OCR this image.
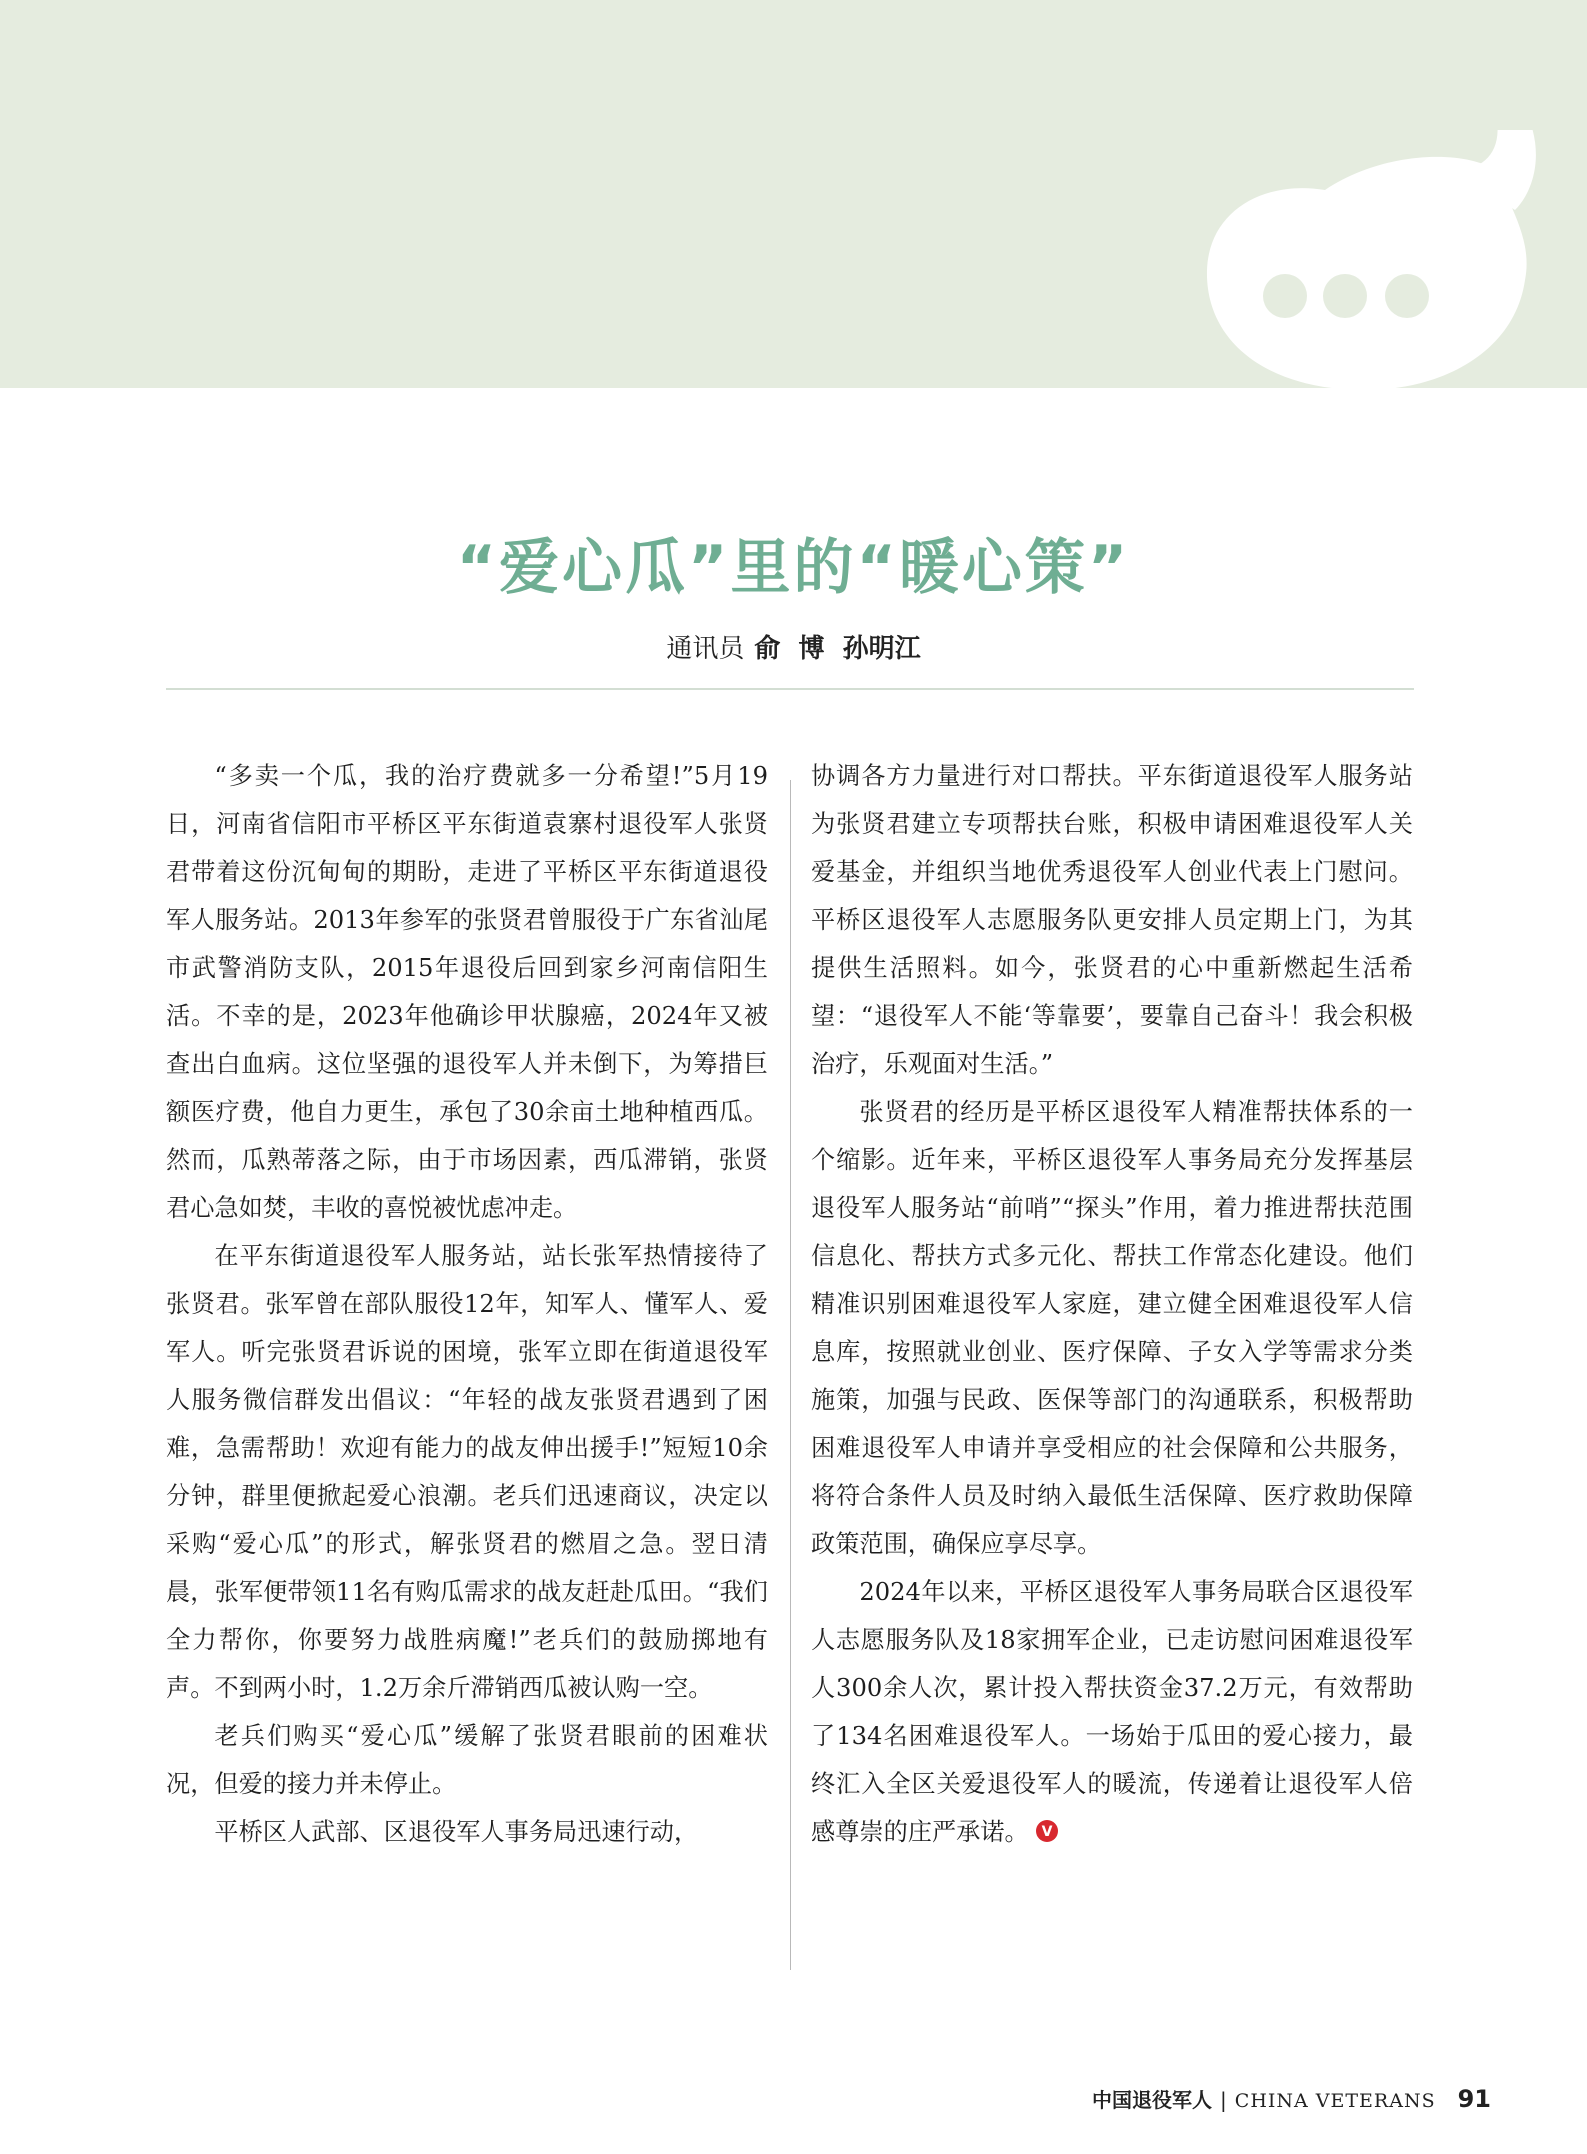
“爱心瓜”里的“暖心策”
通讯员 俞  博  孙明江

“多卖一个瓜，我的治疗费就多一分希望!”5月19日，河南省信阳市平桥区平东街道袁寨村退役军人张贤君带着这份沉甸甸的期盼，走进了平桥区平东街道退役军人服务站。2013年参军的张贤君曾服役于广东省汕尾市武警消防支队，2015年退役后回到家乡河南信阳生活。不幸的是，2023年他确诊甲状腺癌，2024年又被查出白血病。这位坚强的退役军人并未倒下，为筹措巨额医疗费，他自力更生，承包了30余亩土地种植西瓜。然而，瓜熟蒂落之际，由于市场因素，西瓜滞销，张贤君心急如焚，丰收的喜悦被忧虑冲走。

在平东街道退役军人服务站，站长张军热情接待了张贤君。张军曾在部队服役12年，知军人、懂军人、爱军人。听完张贤君诉说的困境，张军立即在街道退役军人服务微信群发出倡议：“年轻的战友张贤君遇到了困难，急需帮助！欢迎有能力的战友伸出援手!”短短10余分钟，群里便掀起爱心浪潮。老兵们迅速商议，决定以采购“爱心瓜”的形式，解张贤君的燃眉之急。翌日清晨，张军便带领11名有购瓜需求的战友赶赴瓜田。“我们全力帮你，你要努力战胜病魔!”老兵们的鼓励掷地有声。不到两小时，1.2万余斤滞销西瓜被认购一空。

老兵们购买“爱心瓜”缓解了张贤君眼前的困难状况，但爱的接力并未停止。

平桥区人武部、区退役军人事务局迅速行动，

协调各方力量进行对口帮扶。平东街道退役军人服务站为张贤君建立专项帮扶台账，积极申请困难退役军人关爱基金，并组织当地优秀退役军人创业代表上门慰问。平桥区退役军人志愿服务队更安排人员定期上门，为其提供生活照料。如今，张贤君的心中重新燃起生活希望：“退役军人不能‘等靠要’，要靠自己奋斗！我会积极治疗，乐观面对生活。”

张贤君的经历是平桥区退役军人精准帮扶体系的一个缩影。近年来，平桥区退役军人事务局充分发挥基层退役军人服务站“前哨”“探头”作用，着力推进帮扶范围信息化、帮扶方式多元化、帮扶工作常态化建设。他们精准识别困难退役军人家庭，建立健全困难退役军人信息库，按照就业创业、医疗保障、子女入学等需求分类施策，加强与民政、医保等部门的沟通联系，积极帮助困难退役军人申请并享受相应的社会保障和公共服务，将符合条件人员及时纳入最低生活保障、医疗救助保障政策范围，确保应享尽享。

2024年以来，平桥区退役军人事务局联合区退役军人志愿服务队及18家拥军企业，已走访慰问困难退役军人300余人次，累计投入帮扶资金37.2万元，有效帮助了134名困难退役军人。一场始于瓜田的爱心接力，最终汇入全区关爱退役军人的暖流，传递着让退役军人倍感尊崇的庄严承诺。 V

中国退役军人 | CHINA VETERANS 91
